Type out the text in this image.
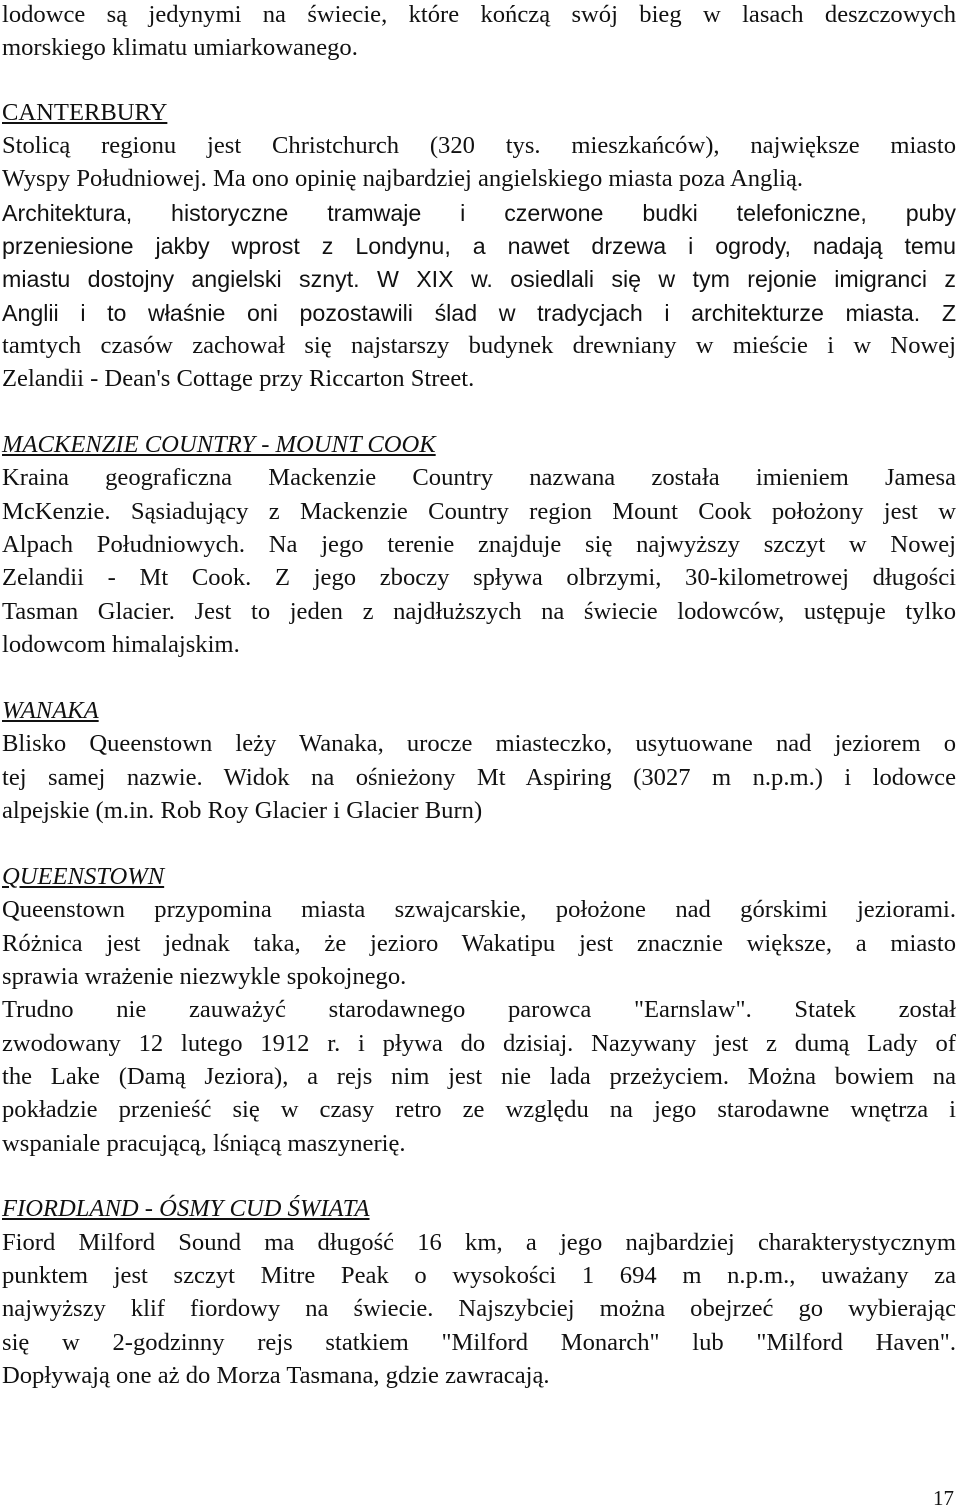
lodowce są jedynymi na świecie, które kończą swój bieg w lasach deszczowych
morskiego klimatu umiarkowanego.
CANTERBURY
Stolicą regionu jest Christchurch (320 tys. mieszkańców), największe miasto
Wyspy Południowej. Ma ono opinię najbardziej angielskiego miasta poza Anglią.
Architektura, historyczne tramwaje i czerwone budki telefoniczne, puby
przeniesione jakby wprost z Londynu, a nawet drzewa i ogrody, nadają temu
miastu dostojny angielski sznyt. W XIX w. osiedlali się w tym rejonie imigranci z
Anglii i to właśnie oni pozostawili ślad w tradycjach i architekturze miasta. Z
tamtych czasów zachował się najstarszy budynek drewniany w mieście i w Nowej
Zelandii - Dean's Cottage przy Riccarton Street.
MACKENZIE COUNTRY - MOUNT COOK
Kraina geograficzna Mackenzie Country nazwana została imieniem Jamesa
McKenzie. Sąsiadujący z Mackenzie Country region Mount Cook położony jest w
Alpach Południowych. Na jego terenie znajduje się najwyższy szczyt w Nowej
Zelandii - Mt Cook. Z jego zboczy spływa olbrzymi, 30-kilometrowej długości
Tasman Glacier. Jest to jeden z najdłuższych na świecie lodowców, ustępuje tylko
lodowcom himalajskim.
WANAKA
Blisko Queenstown leży Wanaka, urocze miasteczko, usytuowane nad jeziorem o
tej samej nazwie. Widok na ośnieżony Mt Aspiring (3027 m n.p.m.) i lodowce
alpejskie (m.in. Rob Roy Glacier i Glacier Burn)
QUEENSTOWN
Queenstown przypomina miasta szwajcarskie, położone nad górskimi jeziorami.
Różnica jest jednak taka, że jezioro Wakatipu jest znacznie większe, a miasto
sprawia wrażenie niezwykle spokojnego.
Trudno nie zauważyć starodawnego parowca "Earnslaw". Statek został
zwodowany 12 lutego 1912 r. i pływa do dzisiaj. Nazywany jest z dumą Lady of
the Lake (Damą Jeziora), a rejs nim jest nie lada przeżyciem. Można bowiem na
pokładzie przenieść się w czasy retro ze względu na jego starodawne wnętrza i
wspaniale pracującą, lśniącą maszynerię.
FIORDLAND - ÓSMY CUD ŚWIATA
Fiord Milford Sound ma długość 16 km, a jego najbardziej charakterystycznym
punktem jest szczyt Mitre Peak o wysokości 1 694 m n.p.m., uważany za
najwyższy klif fiordowy na świecie. Najszybciej można obejrzeć go wybierając
się w 2-godzinny rejs statkiem "Milford Monarch" lub "Milford Haven".
Dopływają one aż do Morza Tasmana, gdzie zawracają.
17
